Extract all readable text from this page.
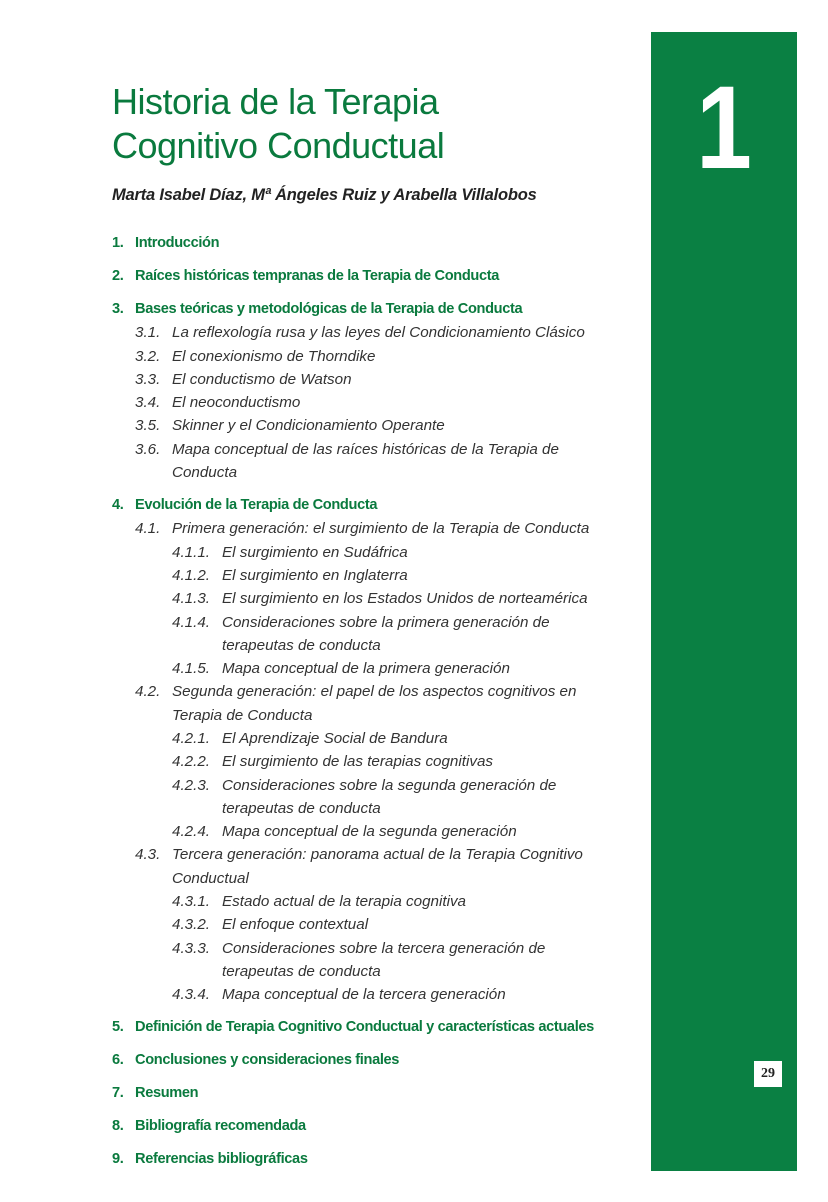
Historia de la Terapia
Cognitivo Conductual
Marta Isabel Díaz, Mª Ángeles Ruiz y Arabella Villalobos
1. Introducción
2. Raíces históricas tempranas de la Terapia de Conducta
3. Bases teóricas y metodológicas de la Terapia de Conducta
3.1. La reflexología rusa y las leyes del Condicionamiento Clásico
3.2. El conexionismo de Thorndike
3.3. El conductismo de Watson
3.4. El neoconductismo
3.5. Skinner y el Condicionamiento Operante
3.6. Mapa conceptual de las raíces históricas de la Terapia de
Conducta
4. Evolución de la Terapia de Conducta
4.1. Primera generación: el surgimiento de la Terapia de Conducta
4.1.1. El surgimiento en Sudáfrica
4.1.2. El surgimiento en Inglaterra
4.1.3. El surgimiento en los Estados Unidos de norteamérica
4.1.4. Consideraciones sobre la primera generación de
terapeutas de conducta
4.1.5. Mapa conceptual de la primera generación
4.2. Segunda generación: el papel de los aspectos cognitivos en
Terapia de Conducta
4.2.1. El Aprendizaje Social de Bandura
4.2.2. El surgimiento de las terapias cognitivas
4.2.3. Consideraciones sobre la segunda generación de
terapeutas de conducta
4.2.4. Mapa conceptual de la segunda generación
4.3. Tercera generación: panorama actual de la Terapia Cognitivo
Conductual
4.3.1. Estado actual de la terapia cognitiva
4.3.2. El enfoque contextual
4.3.3. Consideraciones sobre la tercera generación de
terapeutas de conducta
4.3.4. Mapa conceptual de la tercera generación
5. Definición de Terapia Cognitivo Conductual y características actuales
6. Conclusiones y consideraciones finales
7. Resumen
8. Bibliografía recomendada
9. Referencias bibliográficas
1
29
